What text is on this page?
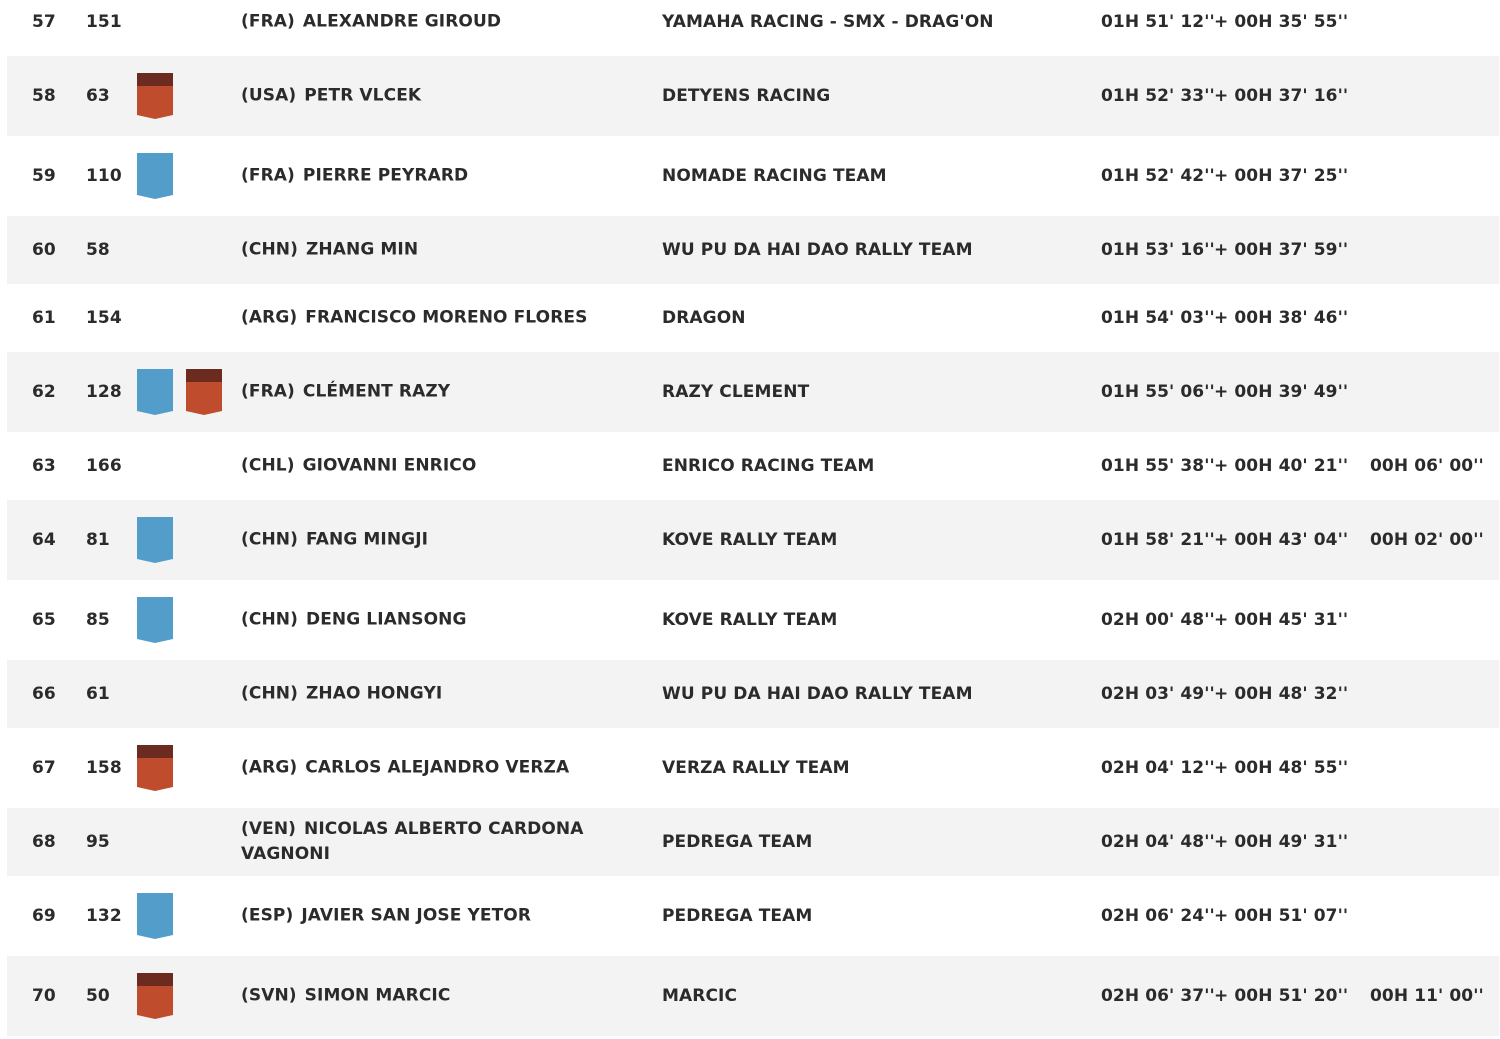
57 151	(FRA) ALEXANDRE GIROUD	YAMAHA RACING - SMX - DRAG'ON	01H 51' 12'' + 00H 35' 55''
58 63	(USA) PETR VLCEK	DETYENS RACING	01H 52' 33'' + 00H 37' 16''
59 110	(FRA) PIERRE PEYRARD	NOMADE RACING TEAM	01H 52' 42'' + 00H 37' 25''
60 58	(CHN) ZHANG MIN	WU PU DA HAI DAO RALLY TEAM	01H 53' 16'' + 00H 37' 59''
61 154	(ARG) FRANCISCO MORENO FLORES	DRAGON	01H 54' 03'' + 00H 38' 46''
62 128	(FRA) CLÉMENT RAZY	RAZY CLEMENT	01H 55' 06'' + 00H 39' 49''
63 166	(CHL) GIOVANNI ENRICO	ENRICO RACING TEAM	01H 55' 38'' + 00H 40' 21'' 00H 06' 00''
64 81	(CHN) FANG MINGJI	KOVE RALLY TEAM	01H 58' 21'' + 00H 43' 04'' 00H 02' 00''
65 85	(CHN) DENG LIANSONG	KOVE RALLY TEAM	02H 00' 48'' + 00H 45' 31''
66 61	(CHN) ZHAO HONGYI	WU PU DA HAI DAO RALLY TEAM	02H 03' 49'' + 00H 48' 32''
67 158	(ARG) CARLOS ALEJANDRO VERZA	VERZA RALLY TEAM	02H 04' 12'' + 00H 48' 55''
68 95
(VEN) NICOLAS ALBERTO CARDONA VAGNONI
PEDREGA TEAM	02H 04' 48'' + 00H 49' 31''
69 132	(ESP) JAVIER SAN JOSE YETOR	PEDREGA TEAM	02H 06' 24'' + 00H 51' 07''
70 50	(SVN) SIMON MARCIC	MARCIC	02H 06' 37'' + 00H 51' 20'' 00H 11' 00''
